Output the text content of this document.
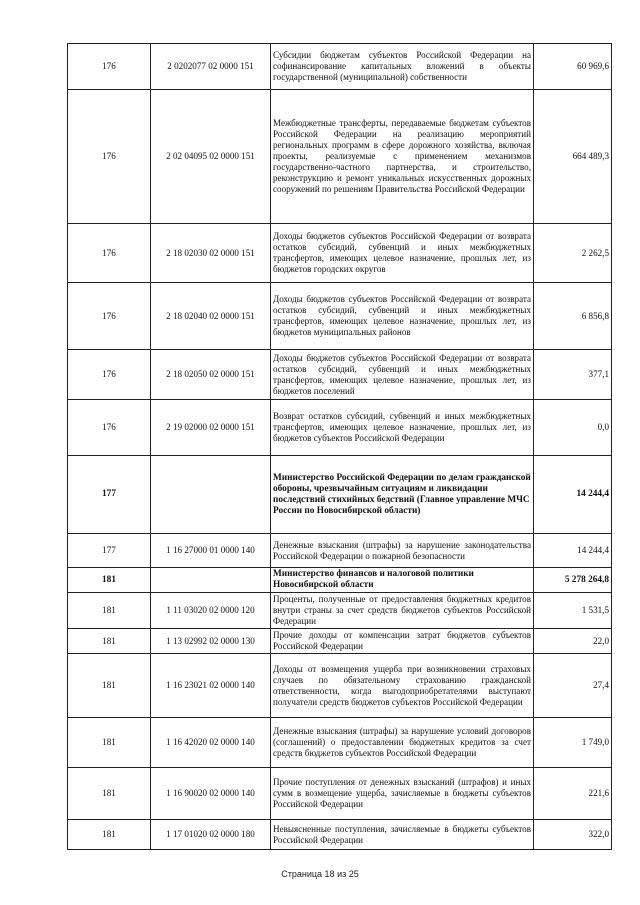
176	2 0202077 02 0000 151	Субсидии бюджетам субъектов Российской Федерации на софинансирование капитальных вложений в объекты государственной (муниципальной) собственности	60 969,6
176	2 02 04095 02 0000 151	Межбюджетные трансферты, передаваемые бюджетам субъектов Российской Федерации на реализацию мероприятий региональных программ в сфере дорожного хозяйства, включая проекты, реализуемые с применением механизмов государственно-частного партнерства, и строительство, реконструкцию и ремонт уникальных искусственных дорожных сооружений по решениям Правительства Российской Федерации	664 489,3
176	2 18 02030 02 0000 151	Доходы бюджетов субъектов Российской Федерации от возврата остатков субсидий, субвенций и иных межбюджетных трансфертов, имеющих целевое назначение, прошлых лет, из бюджетов городских округов	2 262,5
176	2 18 02040 02 0000 151	Доходы бюджетов субъектов Российской Федерации от возврата остатков субсидий, субвенций и иных межбюджетных трансфертов, имеющих целевое назначение, прошлых лет, из бюджетов муниципальных районов	6 856,8
176	2 18 02050 02 0000 151	Доходы бюджетов субъектов Российской Федерации от возврата остатков субсидий, субвенций и иных межбюджетных трансфертов, имеющих целевое назначение, прошлых лет, из бюджетов поселений	377,1
176	2 19 02000 02 0000 151	Возврат остатков субсидий, субвенций и иных межбюджетных трансфертов, имеющих целевое назначение, прошлых лет, из бюджетов субъектов Российской Федерации	0,0
177		Министерство Российской Федерации по делам гражданской обороны, чрезвычайным ситуациям и ликвидации последствий стихийных бедствий (Главное управление МЧС России по Новосибирской области)	14 244,4
177	1 16 27000 01 0000 140	Денежные взыскания (штрафы) за нарушение законодательства Российской Федерации о пожарной безопасности	14 244,4
181		Министерство финансов и налоговой политики Новосибирской области	5 278 264,8
181	1 11 03020 02 0000 120	Проценты, полученные от предоставления бюджетных кредитов внутри страны за счет средств бюджетов субъектов Российской Федерации	1 531,5
181	1 13 02992 02 0000 130	Прочие доходы от компенсации затрат бюджетов субъектов Российской Федерации	22,0
181	1 16 23021 02 0000 140	Доходы от возмещения ущерба при возникновении страховых случаев по обязательному страхованию гражданской ответственности, когда выгодоприобретателями выступают получатели средств бюджетов субъектов Российской Федерации	27,4
181	1 16 42020 02 0000 140	Денежные взыскания (штрафы) за нарушение условий договоров (соглашений) о предоставлении бюджетных кредитов за счет средств бюджетов субъектов Российской Федерации	1 749,0
181	1 16 90020 02 0000 140	Прочие поступления от денежных взысканий (штрафов) и иных сумм в возмещение ущерба, зачисляемые в бюджеты субъектов Российской Федерации	221,6
181	1 17 01020 02 0000 180	Невыясненные поступления, зачисляемые в бюджеты субъектов Российской Федерации	322,0
Страница 18 из 25
